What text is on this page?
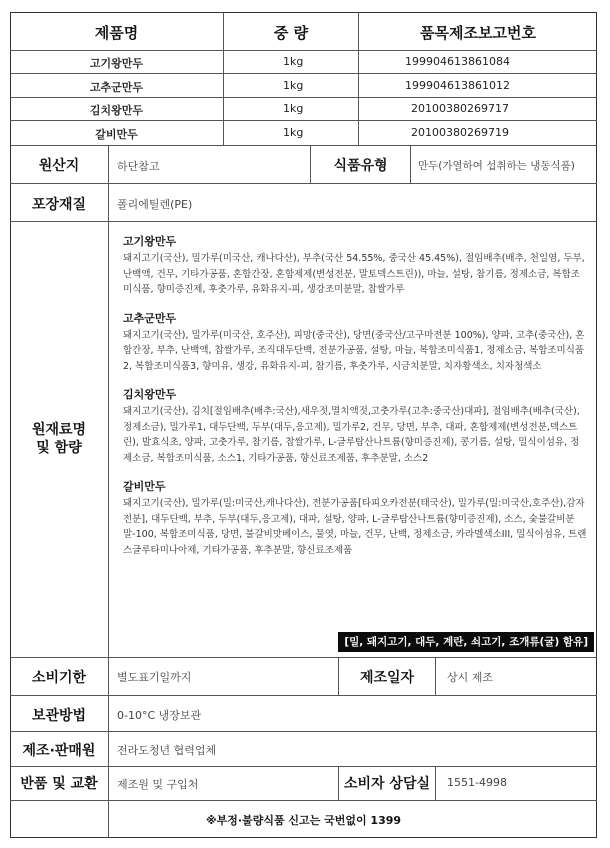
제품명	중 량	품목제조보고번호
고기왕만두	1kg	199904613861084
고추군만두	1kg	199904613861012
김치왕만두	1kg	20100380269717
갈비만두	1kg	20100380269719
원산지	하단참고	식품유형	만두(가열하여 섭취하는 냉동식품)
포장재질	폴리에틸렌(PE)
원재료명
및 함량
고기왕만두
돼지고기(국산), 밀가루(미국산, 캐나다산), 부추(국산 54.55%, 중국산 45.45%), 절임배추(배추, 천일염, 두부, 난백액, 건무, 기타가공품, 혼합간장, 혼합제제(변성전분, 말토덱스트린)), 마늘, 설탕, 참기름, 정제소금, 복합조미식품, 향미증진제, 후춧가루, 유화유지-피, 생강조미분말, 찹쌀가루
고추군만두
돼지고기(국산), 밀가루(미국산, 호주산), 피망(중국산), 당면(중국산/고구마전분 100%), 양파, 고추(중국산), 혼합간장, 부추, 난백액, 찹쌀가루, 조직대두단백, 전분가공품, 설탕, 마늘, 복합조미식품1, 정제소금, 복합조미식품2, 복합조미식품3, 향미유, 생강, 유화유지-피, 참기름, 후춧가루, 시금치분말, 치자황색소, 치자청색소
김치왕만두
돼지고기(국산), 김치[절임배추(배추:국산),새우젓,멸치액젓,고춧가루(고추:중국산)대파], 절임배추(배추(국산),정제소금), 밀가루1, 대두단백, 두부(대두,응고제), 밀가루2, 건무, 당면, 부추, 대파, 혼합제제(변성전분,덱스트린), 발효식초, 양파, 고춧가루, 참기름, 찹쌀가루, L-글루탐산나트륨(향미증진제), 콩기름, 설탕, 밀식이섬유, 정제소금, 복합조미식품, 소스1, 기타가공품, 향신료조제품, 후추분말, 소스2
갈비만두
돼지고기(국산), 밀가루(밀:미국산,캐나다산), 전분가공품[타피오카전분(태국산), 밀가루(밀:미국산,호주산),감자전분], 대두단백, 부추, 두부(대두,응고제), 대파, 설탕, 양파, L-글루탐산나트륨(향미증진제), 소스, 숯불갈비분말-100, 복합조미식품, 당면, 불갈비맛베이스, 물엿, 마늘, 건무, 난백, 정제소금, 카라멜색소III, 밀식이섬유, 트랜스글루타미나아제, 기타가공품, 후추분말, 향신료조제품
[밀, 돼지고기, 대두, 계란, 쇠고기, 조개류(굴) 함유]
소비기한	별도표기일까지	제조일자	상시 제조
보관방법	0-10°C 냉장보관
제조·판매원	전라도청년 협력업체
반품 및 교환	제조원 및 구입처	소비자 상담실	1551-4998
※부정·불량식품 신고는 국번없이 1399
